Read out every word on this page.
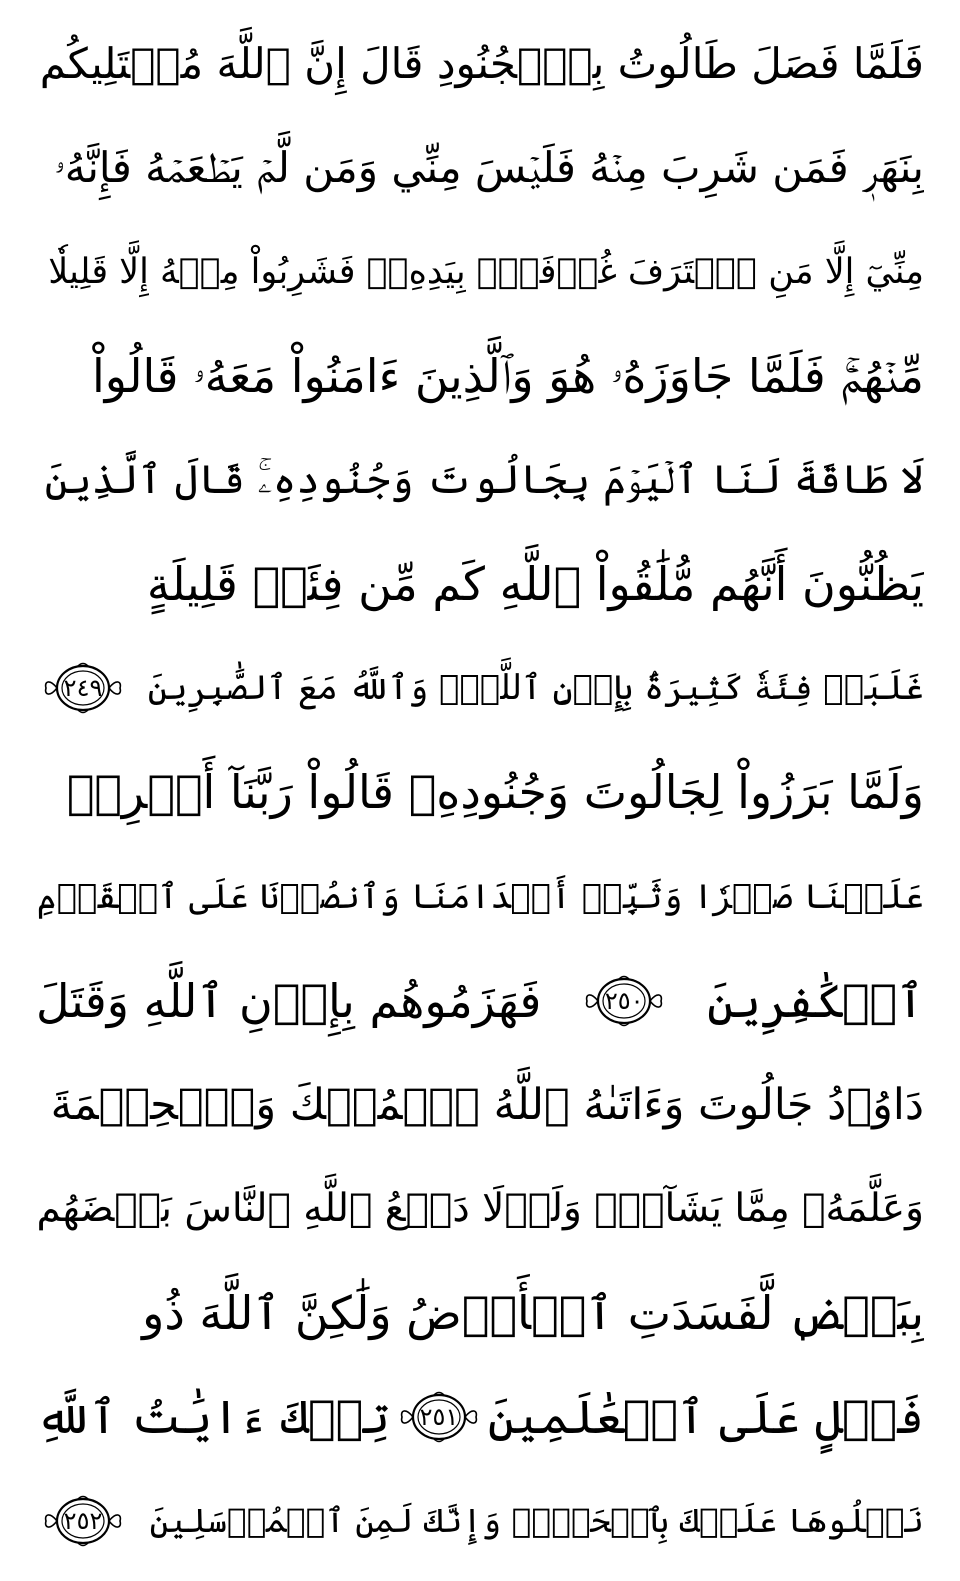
فَلَمَّا فَصَلَ طَالُوتُ بِٱلۡجُنُودِ قَالَ إِنَّ ٱللَّهَ مُبۡتَلِيكُم
بِنَهَرٖ فَمَن شَرِبَ مِنۡهُ فَلَيۡسَ مِنِّي وَمَن لَّمۡ يَطۡعَمۡهُ فَإِنَّهُۥ
مِنِّيٓ إِلَّا مَنِ ٱغۡتَرَفَ غُرۡفَةَۢ بِيَدِهِۦۚ فَشَرِبُواْ مِنۡهُ إِلَّا قَلِيلٗا
مِّنۡهُمۡۚ فَلَمَّا جَاوَزَهُۥ هُوَ وَٱلَّذِينَ ءَامَنُواْ مَعَهُۥ قَالُواْ
لَا طَاقَةَ لَنَا ٱلۡيَوۡمَ بِجَالُوتَ وَجُنُودِهِۦۚ قَالَ ٱلَّذِينَ
يَظُنُّونَ أَنَّهُم مُّلَٰقُواْ ٱللَّهِ كَم مِّن فِئَةٖ قَلِيلَةٍ
غَلَبَتۡ فِئَةٗ كَثِيرَةَۢ بِإِذۡنِ ٱللَّهِۗ وَٱللَّهُ مَعَ ٱلصَّٰبِرِينَ
٢٤٩
وَلَمَّا بَرَزُواْ لِجَالُوتَ وَجُنُودِهِۦ قَالُواْ رَبَّنَآ أَفۡرِغۡ
عَلَيۡنَا صَبۡرٗا وَثَبِّتۡ أَقۡدَامَنَا وَٱنصُرۡنَا عَلَى ٱلۡقَوۡمِ
ٱلۡكَٰفِرِينَ
٢٥٠
فَهَزَمُوهُم بِإِذۡنِ ٱللَّهِ وَقَتَلَ
دَاوُۥدُ جَالُوتَ وَءَاتَىٰهُ ٱللَّهُ ٱلۡمُلۡكَ وَٱلۡحِكۡمَةَ
وَعَلَّمَهُۥ مِمَّا يَشَآءُۗ وَلَوۡلَا دَفۡعُ ٱللَّهِ ٱلنَّاسَ بَعۡضَهُم
بِبَعۡضٖ لَّفَسَدَتِ ٱلۡأَرۡضُ وَلَٰكِنَّ ٱللَّهَ ذُو
فَضۡلٍ عَلَى ٱلۡعَٰلَمِينَ
٢٥١
تِلۡكَ ءَايَٰتُ ٱللَّهِ
نَتۡلُوهَا عَلَيۡكَ بِٱلۡحَقِّۚ وَإِنَّكَ لَمِنَ ٱلۡمُرۡسَلِينَ
٢٥٢
